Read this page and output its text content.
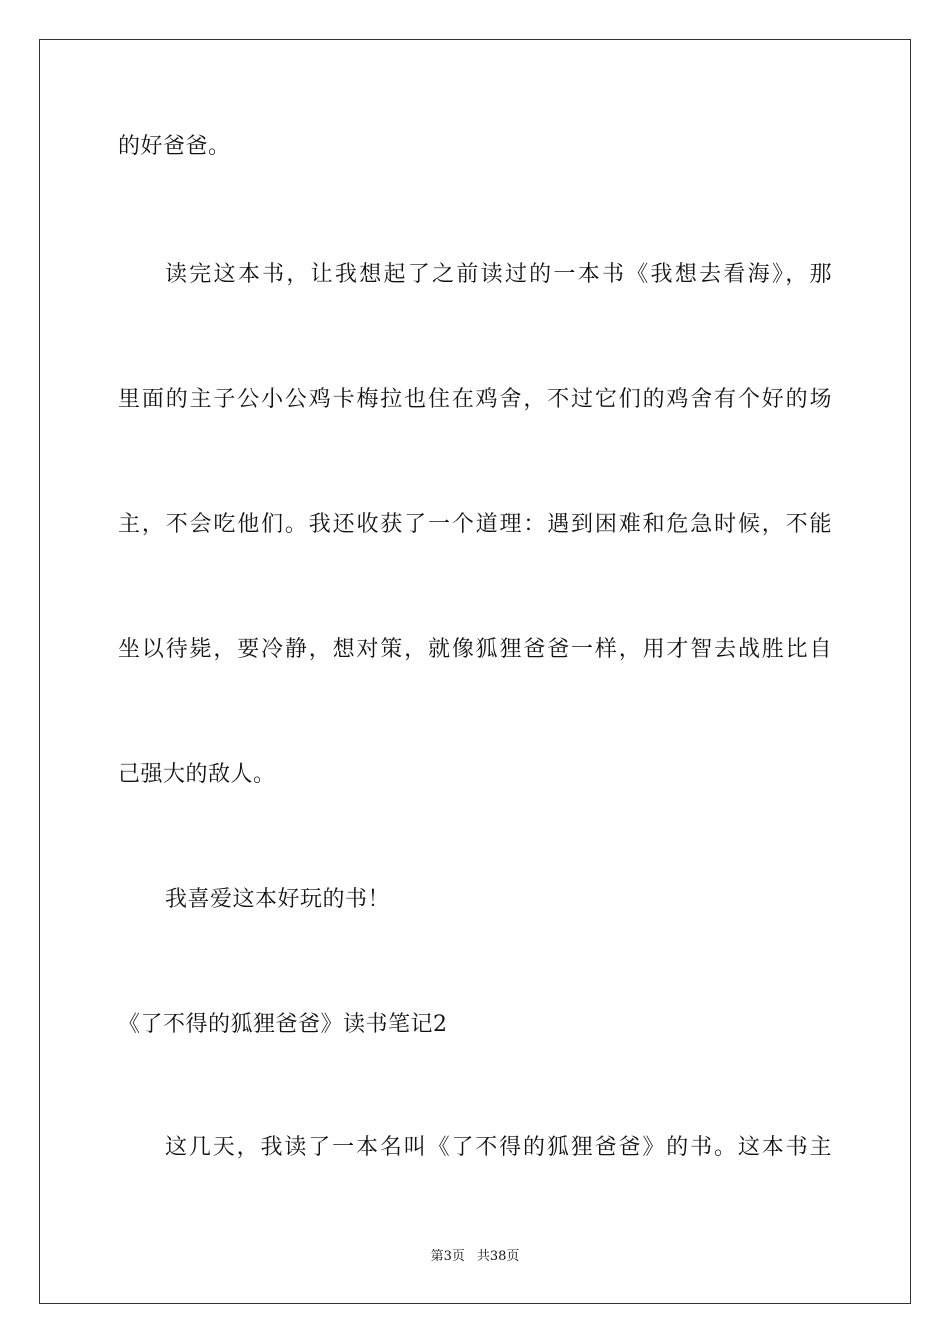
的好爸爸。
读完这本书，让我想起了之前读过的一本书《我想去看海》，那
里面的主子公小公鸡卡梅拉也住在鸡舍，不过它们的鸡舍有个好的场
主，不会吃他们。我还收获了一个道理：遇到困难和危急时候，不能
坐以待毙，要冷静，想对策，就像狐狸爸爸一样，用才智去战胜比自
己强大的敌人。
我喜爱这本好玩的书！
《了不得的狐狸爸爸》读书笔记2
这几天，我读了一本名叫《了不得的狐狸爸爸》的书。这本书主
第3页 共38页
